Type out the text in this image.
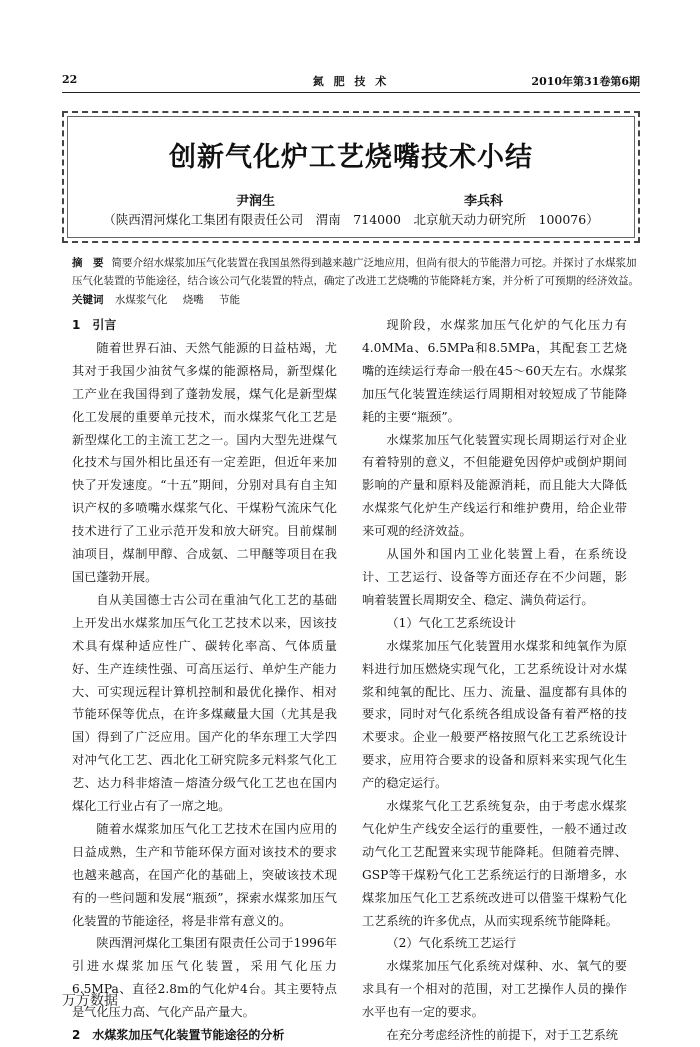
22	氮 肥 技 术	2010年第31卷第6期
创新气化炉工艺烧嘴技术小结
尹润生	李兵科
（陕西渭河煤化工集团有限责任公司　渭南　714000　北京航天动力研究所　100076）
摘　要 简要介绍水煤浆加压气化装置在我国虽然得到越来越广泛地应用，但尚有很大的节能潜力可挖。并探讨了水煤浆加压气化装置的节能途径，结合该公司气化装置的特点，确定了改进工艺烧嘴的节能降耗方案，并分析了可预期的经济效益。
关键词 水煤浆气化 烧嘴 节能
1　引言

随着世界石油、天然气能源的日益枯竭，尤其对于我国少油贫气多煤的能源格局，新型煤化工产业在我国得到了蓬勃发展，煤气化是新型煤化工发展的重要单元技术，而水煤浆气化工艺是新型煤化工的主流工艺之一。国内大型先进煤气化技术与国外相比虽还有一定差距，但近年来加快了开发速度。“十五”期间，分别对具有自主知识产权的多喷嘴水煤浆气化、干煤粉气流床气化技术进行了工业示范开发和放大研究。目前煤制油项目，煤制甲醇、合成氨、二甲醚等项目在我国已蓬勃开展。

自从美国德士古公司在重油气化工艺的基础上开发出水煤浆加压气化工艺技术以来，因该技术具有煤种适应性广、碳转化率高、气体质量好、生产连续性强、可高压运行、单炉生产能力大、可实现远程计算机控制和最优化操作、相对节能环保等优点，在许多煤藏量大国（尤其是我国）得到了广泛应用。国产化的华东理工大学四对冲气化工艺、西北化工研究院多元料浆气化工艺、达力科非熔渣－熔渣分级气化工艺也在国内煤化工行业占有了一席之地。

随着水煤浆加压气化工艺技术在国内应用的日益成熟，生产和节能环保方面对该技术的要求也越来越高，在国产化的基础上，突破该技术现有的一些问题和发展“瓶颈”，探索水煤浆加压气化装置的节能途径，将是非常有意义的。

陕西渭河煤化工集团有限责任公司于1996年引进水煤浆加压气化装置，采用气化压力6.5MPa、直径2.8m的气化炉4台。其主要特点是气化压力高、气化产品产量大。

2　水煤浆加压气化装置节能途径的分析

现阶段，水煤浆加压气化炉的气化压力有4.0MMa、6.5MPa和8.5MPa，其配套工艺烧嘴的连续运行寿命一般在45～60天左右。水煤浆加压气化装置连续运行周期相对较短成了节能降耗的主要“瓶颈”。

水煤浆加压气化装置实现长周期运行对企业有着特别的意义，不但能避免因停炉或倒炉期间影响的产量和原料及能源消耗，而且能大大降低水煤浆气化炉生产线运行和维护费用，给企业带来可观的经济效益。

从国外和国内工业化装置上看，在系统设计、工艺运行、设备等方面还存在不少问题，影响着装置长周期安全、稳定、满负荷运行。

（1）气化工艺系统设计

水煤浆加压气化装置用水煤浆和纯氧作为原料进行加压燃烧实现气化，工艺系统设计对水煤浆和纯氧的配比、压力、流量、温度都有具体的要求，同时对气化系统各组成设备有着严格的技术要求。企业一般要严格按照气化工艺系统设计要求，应用符合要求的设备和原料来实现气化生产的稳定运行。

水煤浆气化工艺系统复杂，由于考虑水煤浆气化炉生产线安全运行的重要性，一般不通过改动气化工艺配置来实现节能降耗。但随着壳牌、GSP等干煤粉气化工艺系统运行的日渐增多，水煤浆加压气化工艺系统改进可以借鉴干煤粉气化工艺系统的许多优点，从而实现系统节能降耗。

（2）气化系统工艺运行

水煤浆加压气化系统对煤种、水、氧气的要求具有一个相对的范围，对工艺操作人员的操作水平也有一定的要求。

在充分考虑经济性的前提下，对于工艺系统

万方数据
